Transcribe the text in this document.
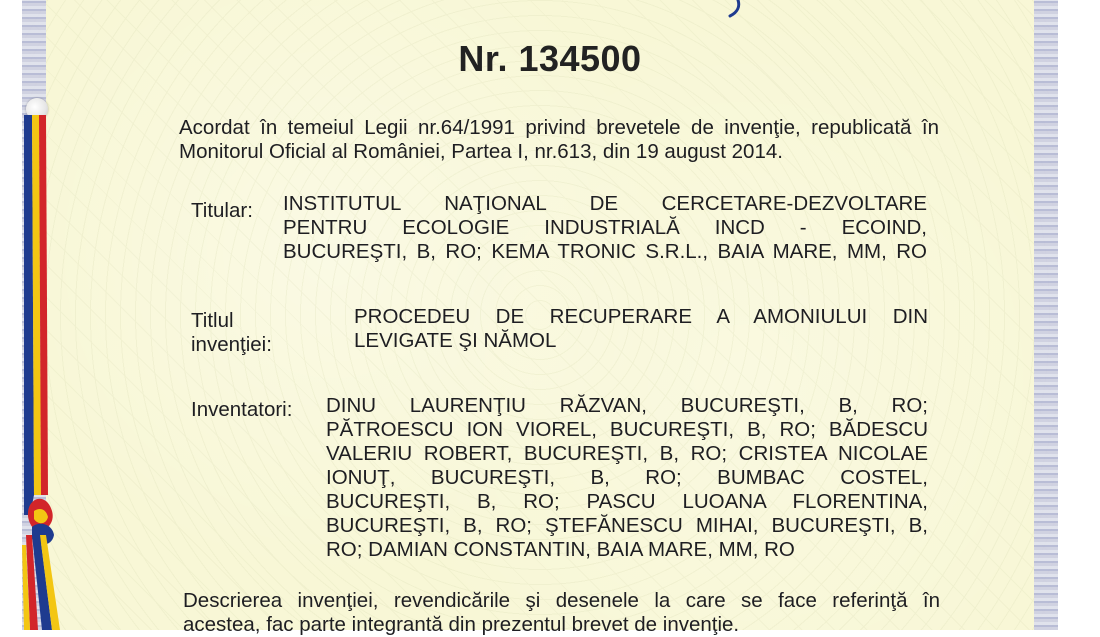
Nr. 134500
Acordat în temeiul Legii nr.64/1991 privind brevetele de invenţie, republicată în
Monitorul Oficial al României, Partea I, nr.613, din 19 august 2014.
Titular: INSTITUTUL NAŢIONAL DE CERCETARE-DEZVOLTARE
PENTRU ECOLOGIE INDUSTRIALĂ INCD - ECOIND,
BUCUREŞTI, B, RO; KEMA TRONIC S.R.L., BAIA MARE, MM, RO
Titlul
invenţiei:
PROCEDEU DE RECUPERARE A AMONIULUI DIN
LEVIGATE ŞI NĂMOL
Inventatori: DINU LAURENŢIU RĂZVAN, BUCUREŞTI, B, RO;
PĂTROESCU ION VIOREL, BUCUREŞTI, B, RO; BĂDESCU
VALERIU ROBERT, BUCUREŞTI, B, RO; CRISTEA NICOLAE
IONUŢ, BUCUREŞTI, B, RO; BUMBAC COSTEL,
BUCUREŞTI, B, RO; PASCU LUOANA FLORENTINA,
BUCUREŞTI, B, RO; ŞTEFĂNESCU MIHAI, BUCUREŞTI, B,
RO; DAMIAN CONSTANTIN, BAIA MARE, MM, RO
Descrierea invenţiei, revendicările şi desenele la care se face referinţă în
acestea, fac parte integrantă din prezentul brevet de invenţie.
